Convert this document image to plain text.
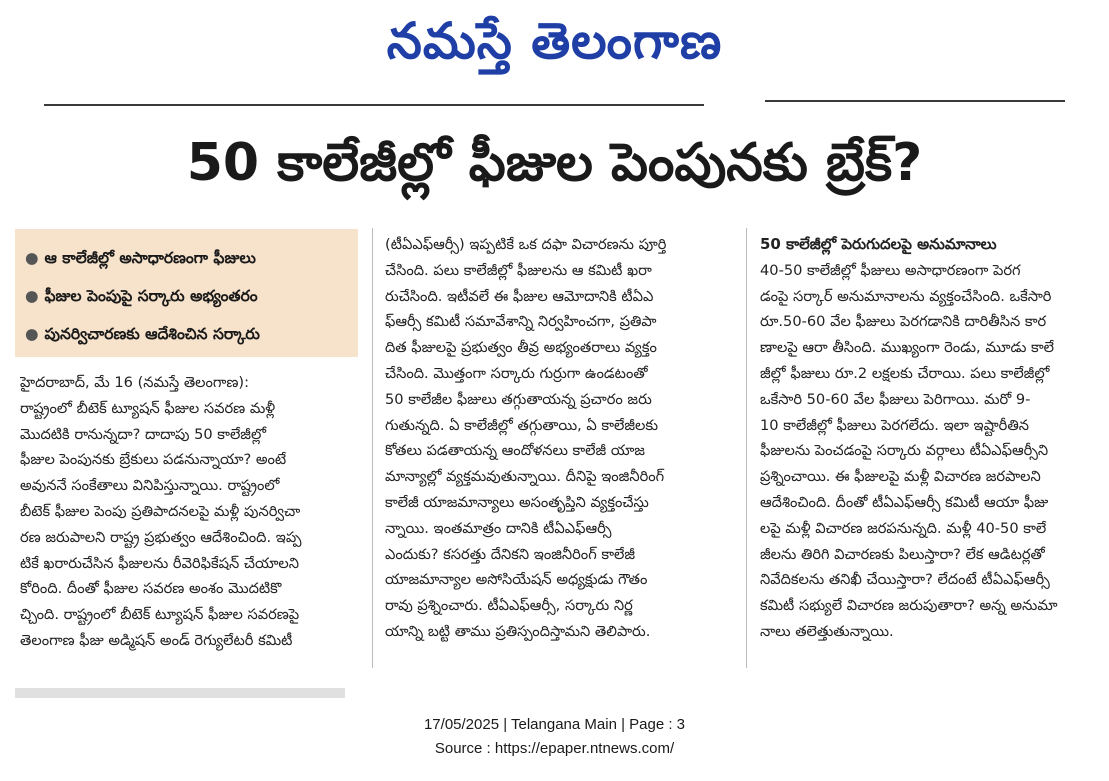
నమస్తే తెలంగాణ
50 కాలేజీల్లో ఫీజుల పెంపునకు బ్రేక్?
● ఆ కాలేజీల్లో అసాధారణంగా ఫీజులు
● ఫీజుల పెంపుపై సర్కారు అభ్యంతరం
● పునర్విచారణకు ఆదేశించిన సర్కారు
హైదరాబాద్, మే 16 (నమస్తే తెలంగాణ):
రాష్ట్రంలో బీటెక్ ట్యూషన్ ఫీజుల సవరణ మళ్లీ
మొదటికి రానున్నదా? దాదాపు 50 కాలేజీల్లో
ఫీజుల పెంపునకు బ్రేకులు పడనున్నాయా? అంటే
అవుననే సంకేతాలు వినిపిస్తున్నాయి. రాష్ట్రంలో
బీటెక్ ఫీజుల పెంపు ప్రతిపాదనలపై మళ్లీ పునర్విచా
రణ జరుపాలని రాష్ట్ర ప్రభుత్వం ఆదేశించింది. ఇప్ప
టికే ఖరారుచేసిన ఫీజులను రీవెరిఫికేషన్ చేయాలని
కోరింది. దీంతో ఫీజుల సవరణ అంశం మొదటికొ
చ్చింది. రాష్ట్రంలో బీటెక్ ట్యూషన్ ఫీజుల సవరణపై
తెలంగాణ ఫీజు అడ్మిషన్ అండ్ రెగ్యులేటరీ కమిటీ
(టీఏఎఫ్ఆర్సీ) ఇప్పటికే ఒక దఫా విచారణను పూర్తి
చేసింది. పలు కాలేజీల్లో ఫీజులను ఆ కమిటీ ఖరా
రుచేసింది. ఇటీవలే ఈ ఫీజుల ఆమోదానికి టీఏఎ
ఫ్ఆర్సీ కమిటీ సమావేశాన్ని నిర్వహించగా, ప్రతిపా
దిత ఫీజులపై ప్రభుత్వం తీవ్ర అభ్యంతరాలు వ్యక్తం
చేసింది. మొత్తంగా సర్కారు గుర్రుగా ఉండటంతో
50 కాలేజీల ఫీజులు తగ్గుతాయన్న ప్రచారం జరు
గుతున్నది. ఏ కాలేజీల్లో తగ్గుతాయి, ఏ కాలేజీలకు
కోతలు పడతాయన్న ఆందోళనలు కాలేజీ యాజ
మాన్యాల్లో వ్యక్తమవుతున్నాయి. దీనిపై ఇంజినీరింగ్
కాలేజీ యాజమాన్యాలు అసంతృప్తిని వ్యక్తంచేస్తు
న్నాయి. ఇంతమాత్రం దానికి టీఏఎఫ్ఆర్సీ
ఎందుకు? కసరత్తు దేనికని ఇంజినీరింగ్ కాలేజీ
యాజమాన్యాల అసోసియేషన్ అధ్యక్షుడు గౌతం
రావు ప్రశ్నించారు. టీఏఎఫ్ఆర్సీ, సర్కారు నిర్ణ
యాన్ని బట్టి తాము ప్రతిస్పందిస్తామని తెలిపారు.
50 కాలేజీల్లో పెరుగుదలపై అనుమానాలు
40-50 కాలేజీల్లో ఫీజులు అసాధారణంగా పెరగ
డంపై సర్కార్ అనుమానాలను వ్యక్తంచేసింది. ఒకేసారి
రూ.50-60 వేల ఫీజులు పెరగడానికి దారితీసిన కార
ణాలపై ఆరా తీసింది. ముఖ్యంగా రెండు, మూడు కాలే
జీల్లో ఫీజులు రూ.2 లక్షలకు చేరాయి. పలు కాలేజీల్లో
ఒకేసారి 50-60 వేల ఫీజులు పెరిగాయి. మరో 9-
10 కాలేజీల్లో ఫీజులు పెరగలేదు. ఇలా ఇష్టారీతిన
ఫీజులను పెంచడంపై సర్కారు వర్గాలు టీఏఎఫ్ఆర్సీని
ప్రశ్నించాయి. ఈ ఫీజులపై మళ్లీ విచారణ జరపాలని
ఆదేశించింది. దీంతో టీఏఎఫ్ఆర్సీ కమిటీ ఆయా ఫీజు
లపై మళ్లీ విచారణ జరపనున్నది. మళ్లీ 40-50 కాలే
జీలను తిరిగి విచారణకు పిలుస్తారా? లేక ఆడిటర్లతో
నివేదికలను తనిఖీ చేయిస్తారా? లేదంటే టీఏఎఫ్ఆర్సీ
కమిటీ సభ్యులే విచారణ జరుపుతారా? అన్న అనుమా
నాలు తలెత్తుతున్నాయి.
17/05/2025 | Telangana Main | Page : 3
Source : https://epaper.ntnews.com/
